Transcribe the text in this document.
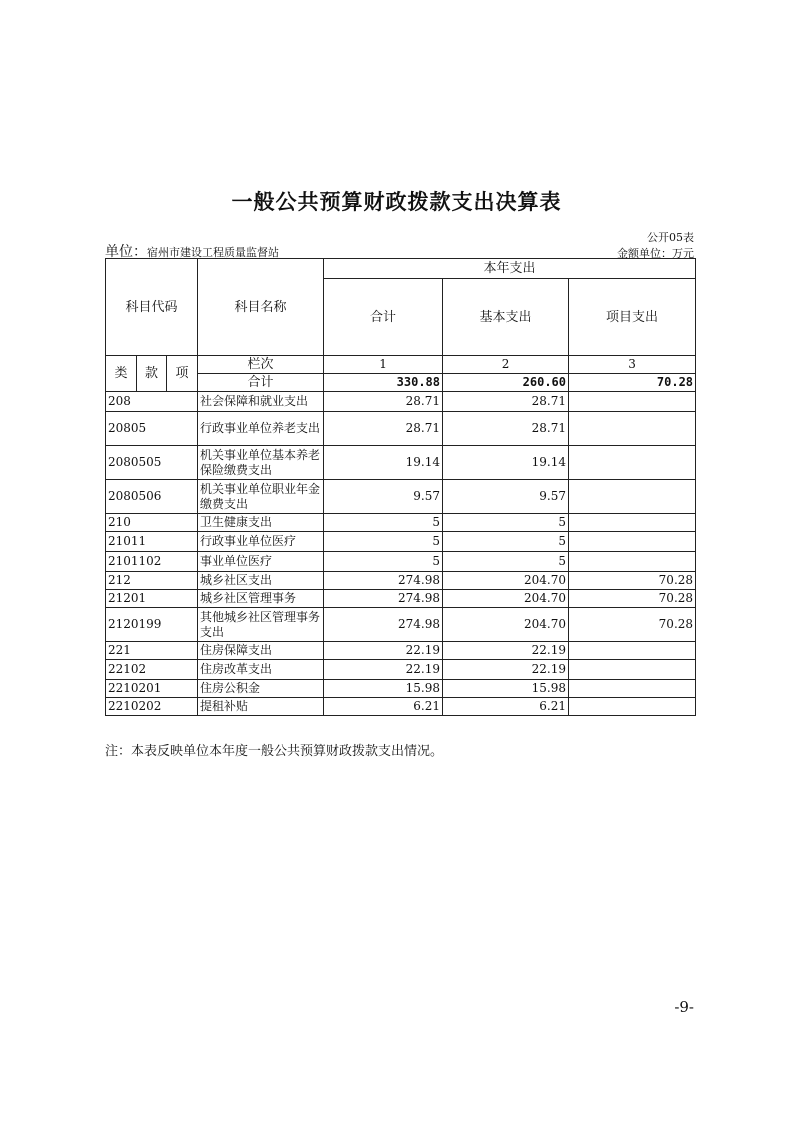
一般公共预算财政拨款支出决算表
公开05表
单位：宿州市建设工程质量监督站	金额单位：万元
科目代码			科目名称	本年支出		
				合计	基本支出	项目支出

类	款	项	栏次	1	2	3
			合计	330.88	260.60	70.28
208			社会保障和就业支出	28.71	28.71	
20805			行政事业单位养老支出	28.71	28.71	
2080505			机关事业单位基本养老保险缴费支出	19.14	19.14	
2080506			机关事业单位职业年金缴费支出	9.57	9.57	
210			卫生健康支出	5	5	
21011			行政事业单位医疗	5	5	
2101102			事业单位医疗	5	5	
212			城乡社区支出	274.98	204.70	70.28
21201			城乡社区管理事务	274.98	204.70	70.28
2120199			其他城乡社区管理事务支出	274.98	204.70	70.28
221			住房保障支出	22.19	22.19	
22102			住房改革支出	22.19	22.19	
2210201			住房公积金	15.98	15.98	
2210202			提租补贴	6.21	6.21	
注：本表反映单位本年度一般公共预算财政拨款支出情况。
-9-
